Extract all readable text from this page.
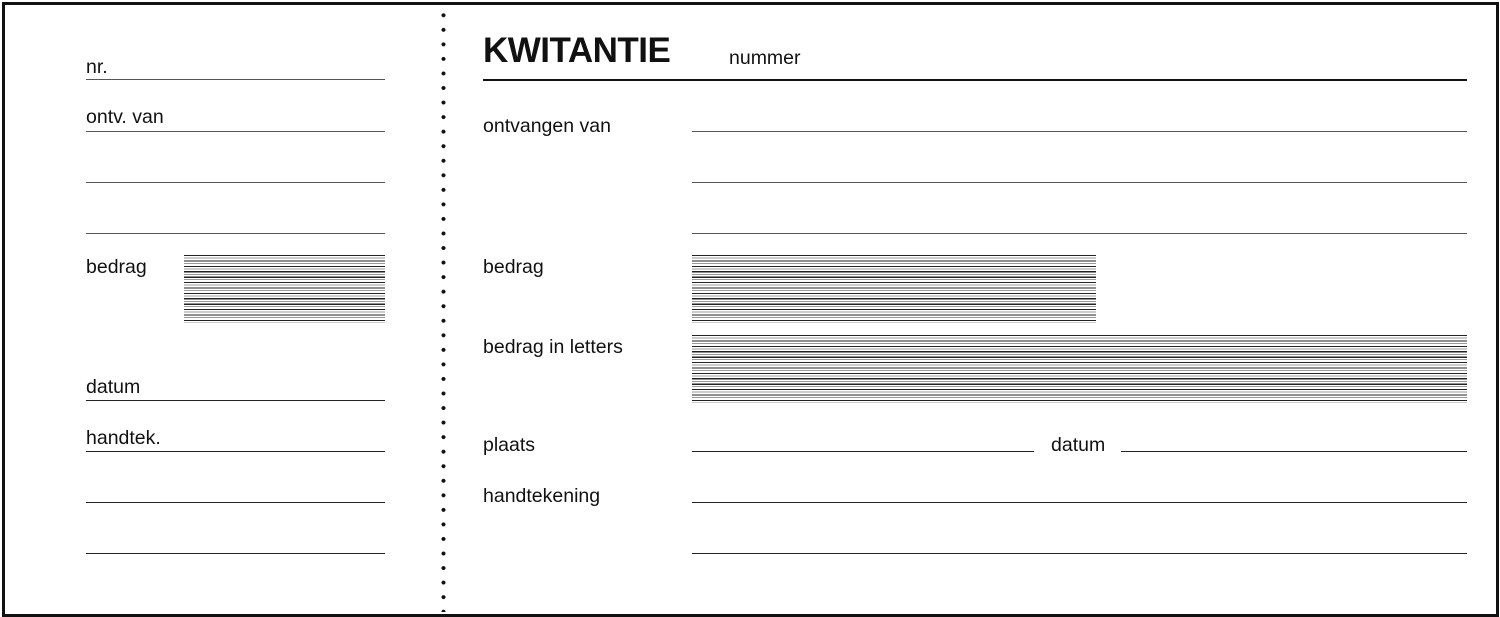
nr.
ontv. van
bedrag
datum
handtek.
KWITANTIE	nummer
ontvangen van
bedrag
bedrag in letters
plaats	datum
handtekening
